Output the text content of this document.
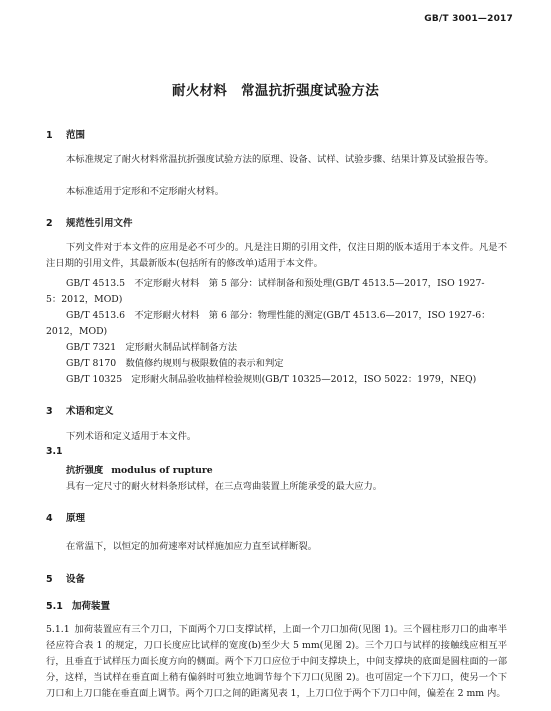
GB/T 3001—2017
耐火材料　常温抗折强度试验方法
1 范围

本标准规定了耐火材料常温抗折强度试验方法的原理、设备、试样、试验步骤、结果计算及试验报告等。

本标准适用于定形和不定形耐火材料。

2 规范性引用文件

下列文件对于本文件的应用是必不可少的。凡是注日期的引用文件，仅注日期的版本适用于本文件。凡是不注日期的引用文件，其最新版本(包括所有的修改单)适用于本文件。

GB/T 4513.5　不定形耐火材料　第 5 部分：试样制备和预处理(GB/T 4513.5—2017，ISO 1927-
5：2012，MOD)
GB/T 4513.6　不定形耐火材料　第 6 部分：物理性能的测定(GB/T 4513.6—2017，ISO 1927-6：
2012，MOD)
GB/T 7321　定形耐火制品试样制备方法
GB/T 8170　数值修约规则与极限数值的表示和判定
GB/T 10325　定形耐火制品验收抽样检验规则(GB/T 10325—2012，ISO 5022：1979，NEQ)
3 术语和定义
下列术语和定义适用于本文件。
3.1
抗折强度 modulus of rupture
具有一定尺寸的耐火材料条形试样，在三点弯曲装置上所能承受的最大应力。
4 原理
在常温下，以恒定的加荷速率对试样施加应力直至试样断裂。
5 设备
5.1 加荷装置

5.1.1  加荷装置应有三个刀口，下面两个刀口支撑试样，上面一个刀口加荷(见图 1)。三个圆柱形刀口的曲率半径应符合表 1 的规定，刀口长度应比试样的宽度(b)至少大 5 mm(见图 2)。三个刀口与试样的接触线应相互平行，且垂直于试样压力面长度方向的侧面。两个下刀口应位于中间支撑块上，中间支撑块的底面是圆柱面的一部分，这样，当试样在垂直面上稍有偏斜时可独立地调节每个下刀口(见图 2)。也可固定一个下刀口，使另一个下刀口和上刀口能在垂直面上调节。两个刀口之间的距离见表 1，上刀口位于两个下刀口中间，偏差在 2 mm 内。
